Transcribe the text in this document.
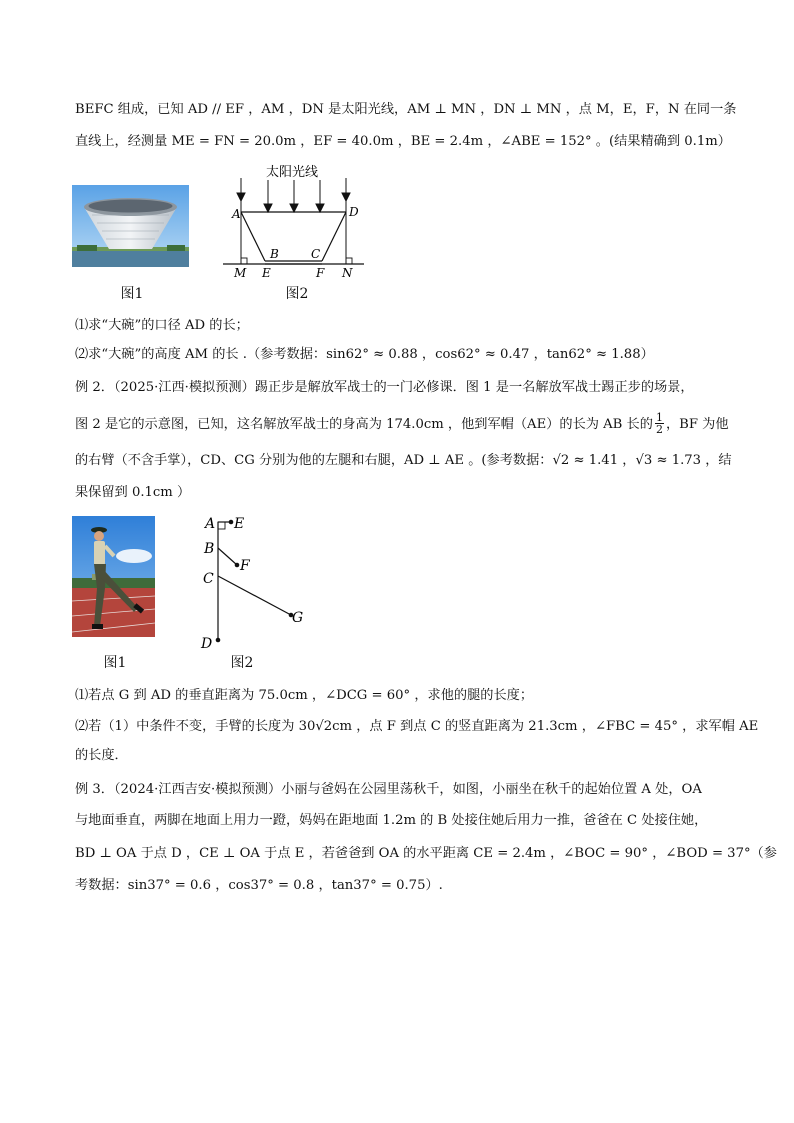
BEFC 组成，已知 AD // EF ，AM ，DN 是太阳光线，AM ⊥ MN ，DN ⊥ MN ，点 M，E，F，N 在同一条
直线上，经测量 ME = FN = 20.0m ，EF = 40.0m ，BE = 2.4m ，∠ABE = 152° 。(结果精确到 0.1m）
图1
太阳光线
A	D
B	C
M E	F N
图2
⑴求“大碗”的口径 AD 的长；
⑵求“大碗”的高度 AM 的长 .（参考数据：sin62° ≈ 0.88 ，cos62° ≈ 0.47 ，tan62° ≈ 1.88）
例 2．（2025·江西·模拟预测）踢正步是解放军战士的一门必修课．图 1 是一名解放军战士踢正步的场景，
图 2 是它的示意图，已知，这名解放军战士的身高为 174.0cm ，他到军帽（AE）的长为 AB 长的 $\frac{1}{2}$ ，BF 为他
的右臂（不含手掌），CD、CG 分别为他的左腿和右腿，AD ⊥ AE 。(参考数据：√2 ≈ 1.41 ，√3 ≈ 1.73 ，结
果保留到 0.1cm ）
图1
A E
B
F
C
G
D
图2
⑴若点 G 到 AD 的垂直距离为 75.0cm ，∠DCG = 60° ，求他的腿的长度；
⑵若（1）中条件不变，手臂的长度为 30√2cm ，点 F 到点 C 的竖直距离为 21.3cm ，∠FBC = 45° ，求军帽 AE
的长度．
例 3．（2024·江西吉安·模拟预测）小丽与爸妈在公园里荡秋千，如图，小丽坐在秋千的起始位置 A 处，OA
与地面垂直，两脚在地面上用力一蹬，妈妈在距地面 1.2m 的 B 处接住她后用力一推，爸爸在 C 处接住她，
BD ⊥ OA 于点 D ，CE ⊥ OA 于点 E ，若爸爸到 OA 的水平距离 CE = 2.4m ，∠BOC = 90° ，∠BOD = 37°（参
考数据：sin37° = 0.6 ，cos37° = 0.8 ，tan37° = 0.75）.
